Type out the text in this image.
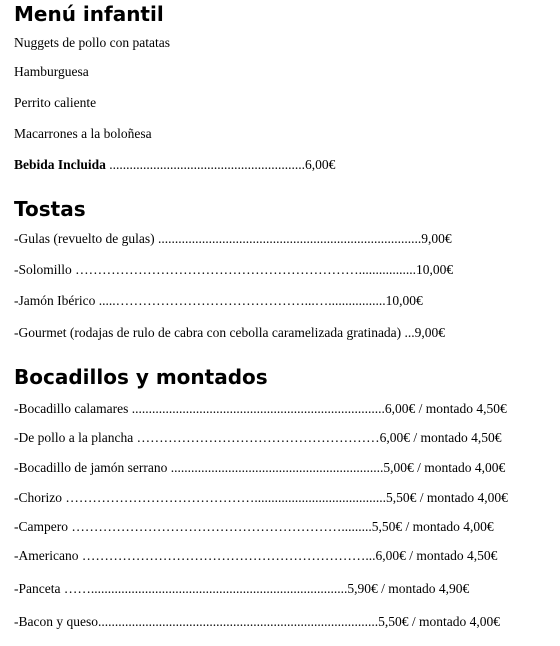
Menú infantil

Nuggets de pollo con patatas

Hamburguesa

Perrito caliente

Macarrones a la boloñesa

Bebida Incluida ..........................................................6,00€

Tostas

-Gulas (revuelto de gulas) ..............................................................................9,00€

-Solomillo ……………………………………………………….................10,00€

-Jamón Ibérico .....……………………………………...….................10,00€

-Gourmet (rodajas de rulo de cabra con cebolla caramelizada gratinada) ...9,00€

Bocadillos y montados

-Bocadillo calamares ...........................................................................6,00€ / montado 4,50€

-De pollo a la plancha ………………………………………………6,00€ / montado 4,50€

-Bocadillo de jamón serrano ...............................................................5,00€ / montado 4,00€

-Chorizo …………………………………….......................................5,50€ / montado 4,00€

-Campero …………………………………………………….........5,50€ / montado 4,00€

-Americano ………………………………………………………...6,00€ / montado 4,50€

-Panceta ……............................................................................5,90€ / montado 4,90€

-Bacon y queso...................................................................................5,50€ / montado 4,00€
